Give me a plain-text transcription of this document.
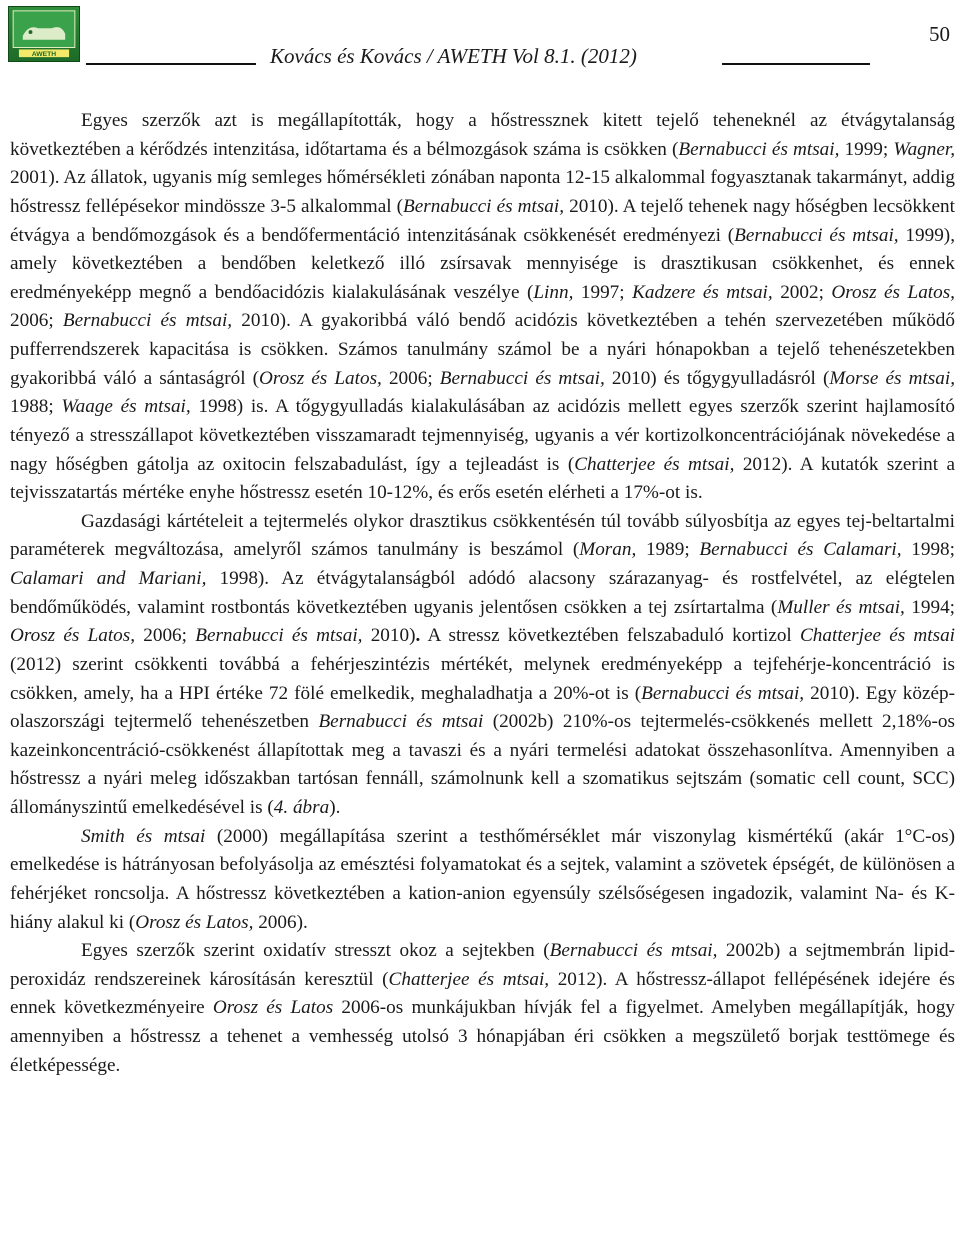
AWETH	Kovács és Kovács / AWETH Vol 8.1. (2012)
50

Egyes szerzők azt is megállapították, hogy a hőstressznek kitett tejelő teheneknél az étvágytalanság következtében a kérődzés intenzitása, időtartama és a bélmozgások száma is csökken (Bernabucci és mtsai, 1999; Wagner, 2001). Az állatok, ugyanis míg semleges hőmérsékleti zónában naponta 12-15 alkalommal fogyasztanak takarmányt, addig hőstressz fellépésekor mindössze 3-5 alkalommal (Bernabucci és mtsai, 2010). A tejelő tehenek nagy hőségben lecsökkent étvágya a bendőmozgások és a bendőfermentáció intenzitásának csökkenését eredményezi (Bernabucci és mtsai, 1999), amely következtében a bendőben keletkező illó zsírsavak mennyisége is drasztikusan csökkenhet, és ennek eredményeképp megnő a bendőacidózis kialakulásának veszélye (Linn, 1997; Kadzere és mtsai, 2002; Orosz és Latos, 2006; Bernabucci és mtsai, 2010). A gyakoribbá váló bendő acidózis következtében a tehén szervezetében működő pufferrendszerek kapacitása is csökken. Számos tanulmány számol be a nyári hónapokban a tejelő tehenészetekben gyakoribbá váló a sántaságról (Orosz és Latos, 2006; Bernabucci és mtsai, 2010) és tőgygyulladásról (Morse és mtsai, 1988; Waage és mtsai, 1998) is. A tőgygyulladás kialakulásában az acidózis mellett egyes szerzők szerint hajlamosító tényező a stresszállapot következtében visszamaradt tejmennyiség, ugyanis a vér kortizolkoncentrációjának növekedése a nagy hőségben gátolja az oxitocin felszabadulást, így a tejleadást is (Chatterjee és mtsai, 2012). A kutatók szerint a tejvisszatartás mértéke enyhe hőstressz esetén 10-12%, és erős esetén elérheti a 17%-ot is.

Gazdasági kártételeit a tejtermelés olykor drasztikus csökkentésén túl tovább súlyosbítja az egyes tej-beltartalmi paraméterek megváltozása, amelyről számos tanulmány is beszámol (Moran, 1989; Bernabucci és Calamari, 1998; Calamari and Mariani, 1998). Az étvágytalanságból adódó alacsony szárazanyag- és rostfelvétel, az elégtelen bendőműködés, valamint rostbontás következtében ugyanis jelentősen csökken a tej zsírtartalma (Muller és mtsai, 1994; Orosz és Latos, 2006; Bernabucci és mtsai, 2010). A stressz következtében felszabaduló kortizol Chatterjee és mtsai (2012) szerint csökkenti továbbá a fehérjeszintézis mértékét, melynek eredményeképp a tejfehérje-koncentráció is csökken, amely, ha a HPI értéke 72 fölé emelkedik, meghaladhatja a 20%-ot is (Bernabucci és mtsai, 2010). Egy közép-olaszországi tejtermelő tehenészetben Bernabucci és mtsai (2002b) 210%-os tejtermelés-csökkenés mellett 2,18%-os kazeinkoncentráció-csökkenést állapítottak meg a tavaszi és a nyári termelési adatokat összehasonlítva. Amennyiben a hőstressz a nyári meleg időszakban tartósan fennáll, számolnunk kell a szomatikus sejtszám (somatic cell count, SCC) állományszintű emelkedésével is (4. ábra).

Smith és mtsai (2000) megállapítása szerint a testhőmérséklet már viszonylag kismértékű (akár 1°C-os) emelkedése is hátrányosan befolyásolja az emésztési folyamatokat és a sejtek, valamint a szövetek épségét, de különösen a fehérjéket roncsolja. A hőstressz következtében a kation-anion egyensúly szélsőségesen ingadozik, valamint Na- és K-hiány alakul ki (Orosz és Latos, 2006).

Egyes szerzők szerint oxidatív stresszt okoz a sejtekben (Bernabucci és mtsai, 2002b) a sejtmembrán lipid-peroxidáz rendszereinek károsításán keresztül (Chatterjee és mtsai, 2012). A hőstressz-állapot fellépésének idejére és ennek következményeire Orosz és Latos 2006-os munkájukban hívják fel a figyelmet. Amelyben megállapítják, hogy amennyiben a hőstressz a tehenet a vemhesség utolsó 3 hónapjában éri csökken a megszülető borjak testtömege és életképessége.
